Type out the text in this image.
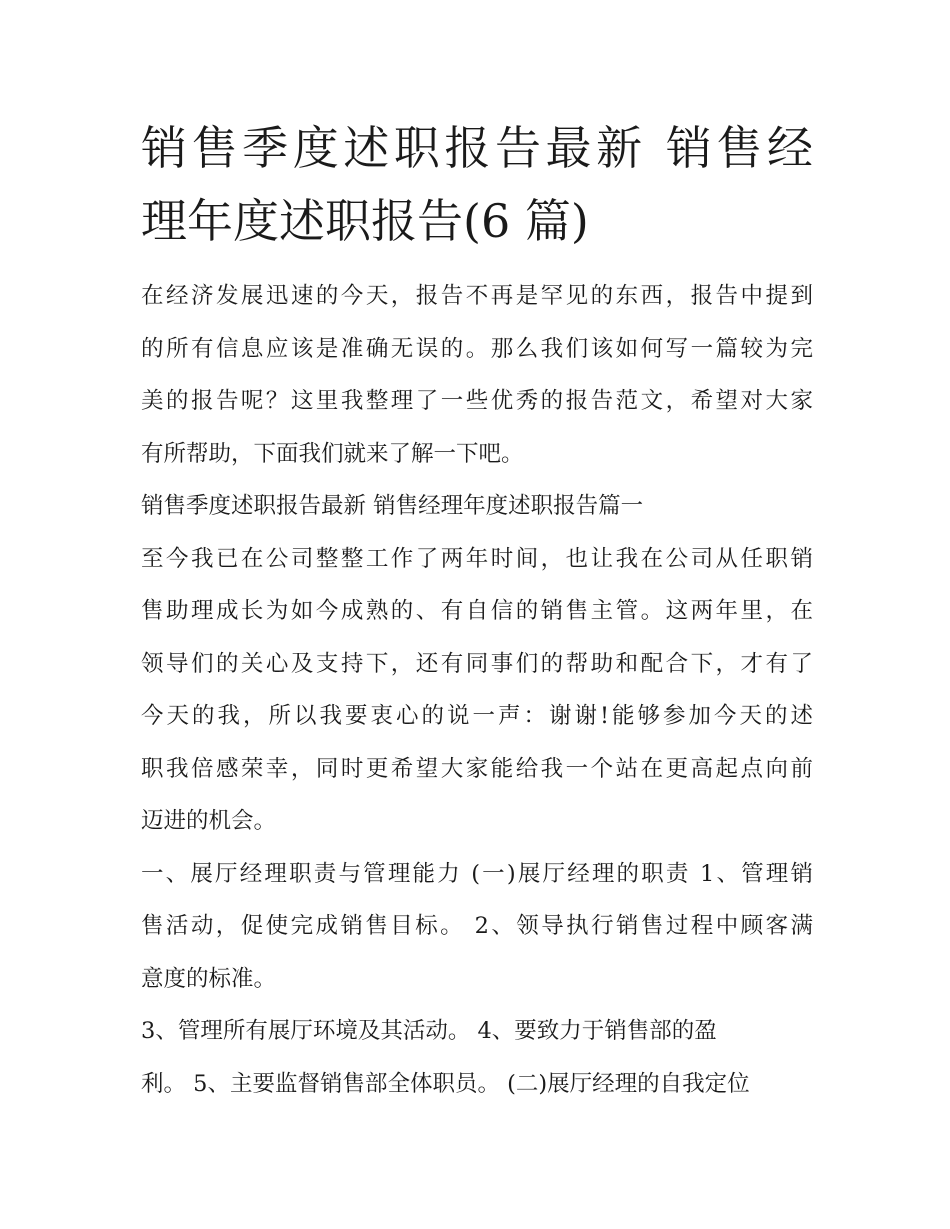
销售季度述职报告最新 销售经
理年度述职报告(6 篇)

在经济发展迅速的今天，报告不再是罕见的东西，报告中提到
的所有信息应该是准确无误的。那么我们该如何写一篇较为完
美的报告呢？这里我整理了一些优秀的报告范文，希望对大家
有所帮助，下面我们就来了解一下吧。

销售季度述职报告最新 销售经理年度述职报告篇一

至今我已在公司整整工作了两年时间，也让我在公司从任职销
售助理成长为如今成熟的、有自信的销售主管。这两年里，在
领导们的关心及支持下，还有同事们的帮助和配合下，才有了
今天的我，所以我要衷心的说一声：谢谢!能够参加今天的述
职我倍感荣幸，同时更希望大家能给我一个站在更高起点向前
迈进的机会。

一、展厅经理职责与管理能力 (一)展厅经理的职责 1、管理销
售活动，促使完成销售目标。 2、领导执行销售过程中顾客满
意度的标准。

3、管理所有展厅环境及其活动。 4、要致力于销售部的盈
利。 5、主要监督销售部全体职员。 (二)展厅经理的自我定位
